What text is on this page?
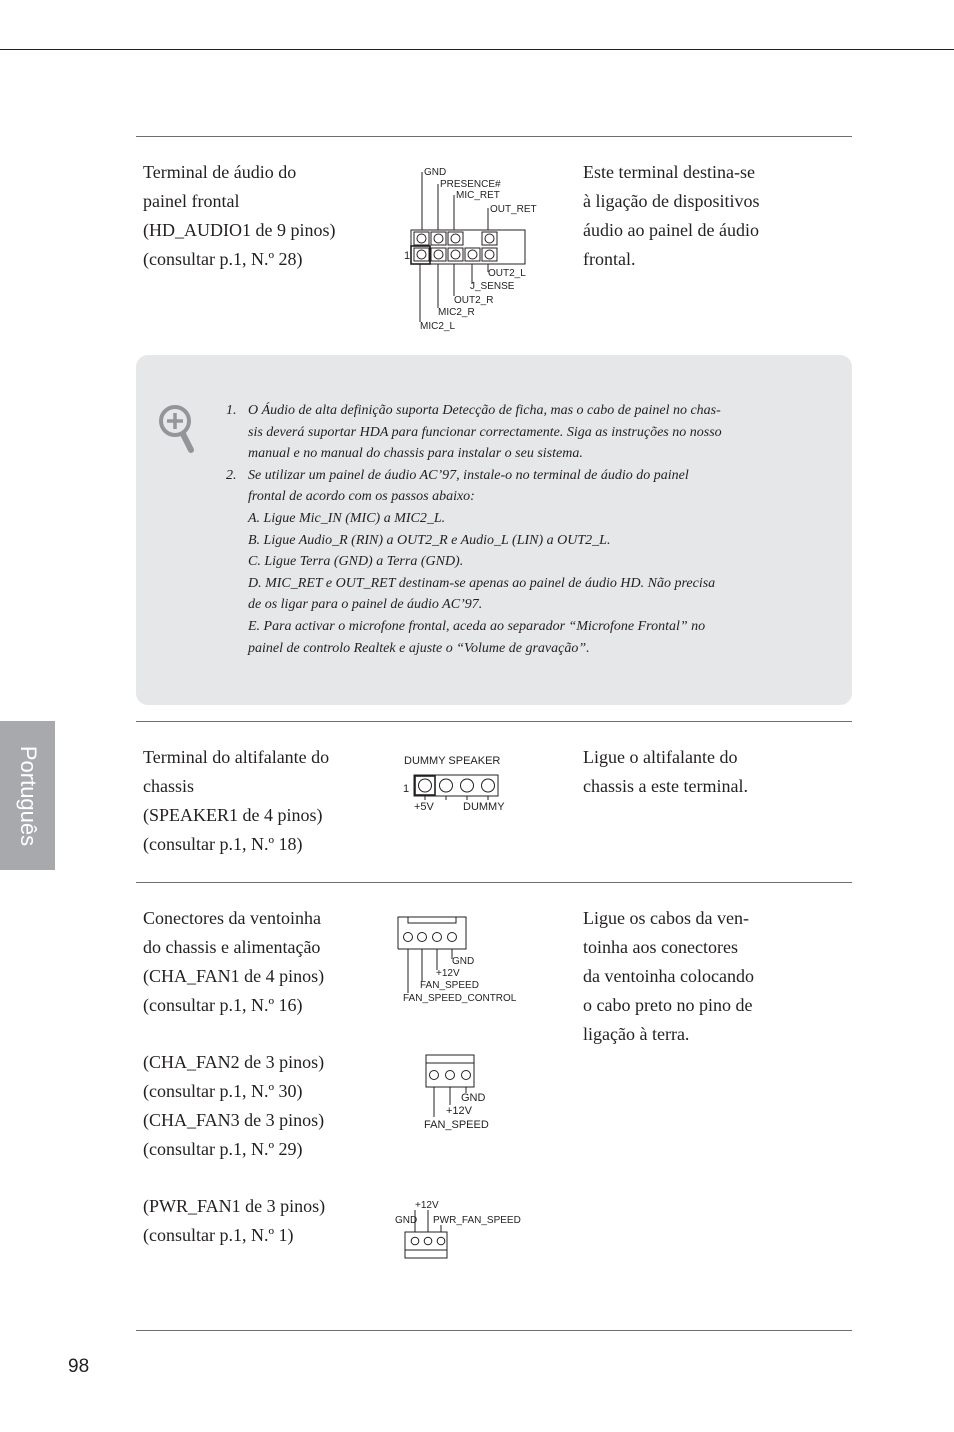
Terminal de áudio do
painel frontal
(HD_AUDIO1 de 9 pinos)
(consultar p.1, N.º 28)
Este terminal destina-se
à ligação de dispositivos
áudio ao painel de áudio
frontal.
1
GND
PRESENCE#
MIC_RET
OUT_RET
OUT2_L
J_SENSE
OUT2_R
MIC2_R
MIC2_L
1. O Áudio de alta definição suporta Detecção de ficha, mas o cabo de painel no chas-
sis deverá suportar HDA para funcionar correctamente. Siga as instruções no nosso
manual e no manual do chassis para instalar o seu sistema.
2. Se utilizar um painel de áudio AC’97, instale-o no terminal de áudio do painel
frontal de acordo com os passos abaixo:
A. Ligue Mic_IN (MIC) a MIC2_L.
B. Ligue Audio_R (RIN) a OUT2_R e Audio_L (LIN) a OUT2_L.
C. Ligue Terra (GND) a Terra (GND).
D. MIC_RET e OUT_RET destinam-se apenas ao painel de áudio HD. Não precisa
de os ligar para o painel de áudio AC’97.
E. Para activar o microfone frontal, aceda ao separador “Microfone Frontal” no
painel de controlo Realtek e ajuste o “Volume de gravação”.
Terminal do altifalante do
chassis
(SPEAKER1 de 4 pinos)
(consultar p.1, N.º 18)
Ligue o altifalante do
chassis a este terminal.
DUMMY SPEAKER
1
+5V	DUMMY
Conectores da ventoinha
do chassis e alimentação
(CHA_FAN1 de 4 pinos)
(consultar p.1, N.º 16)
(CHA_FAN2 de 3 pinos)
(consultar p.1, N.º 30)
(CHA_FAN3 de 3 pinos)
(consultar p.1, N.º 29)
(PWR_FAN1 de 3 pinos)
(consultar p.1, N.º 1)
Ligue os cabos da ven-
toinha aos conectores
da ventoinha colocando
o cabo preto no pino de
ligação à terra.
GND
+12V
FAN_SPEED
FAN_SPEED_CONTROL
GND
+12V
FAN_SPEED
+12V
GND PWR_FAN_SPEED
Português
98
